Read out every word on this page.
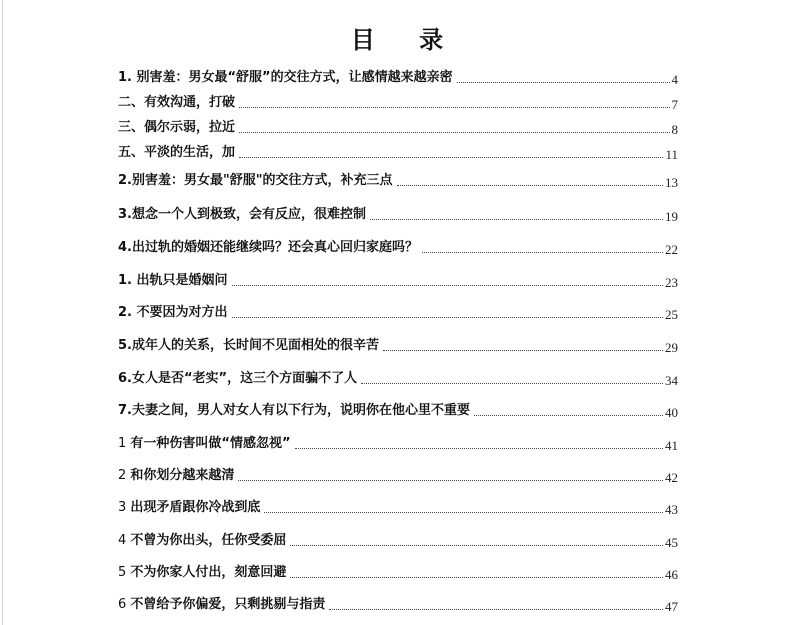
目 录
1. 别害羞：男女最“舒服”的交往方式，让感情越来越亲密	4
二、有效沟通，打破	7
三、偶尔示弱，拉近	8
五、平淡的生活，加	11
2.别害羞：男女最"舒服"的交往方式，补充三点	13
3.想念一个人到极致，会有反应，很难控制	19
4.出过轨的婚姻还能继续吗？还会真心回归家庭吗？	22
1. 出轨只是婚姻问	23
2. 不要因为对方出	25
5.成年人的关系，长时间不见面相处的很辛苦	29
6.女人是否“老实”，这三个方面骗不了人	34
7.夫妻之间，男人对女人有以下行为，说明你在他心里不重要	40
1 有一种伤害叫做“情感忽视”	41
2 和你划分越来越清	42
3 出现矛盾跟你冷战到底	43
4 不曾为你出头，任你受委屈	45
5 不为你家人付出，刻意回避	46
6 不曾给予你偏爱，只剩挑剔与指责	47
